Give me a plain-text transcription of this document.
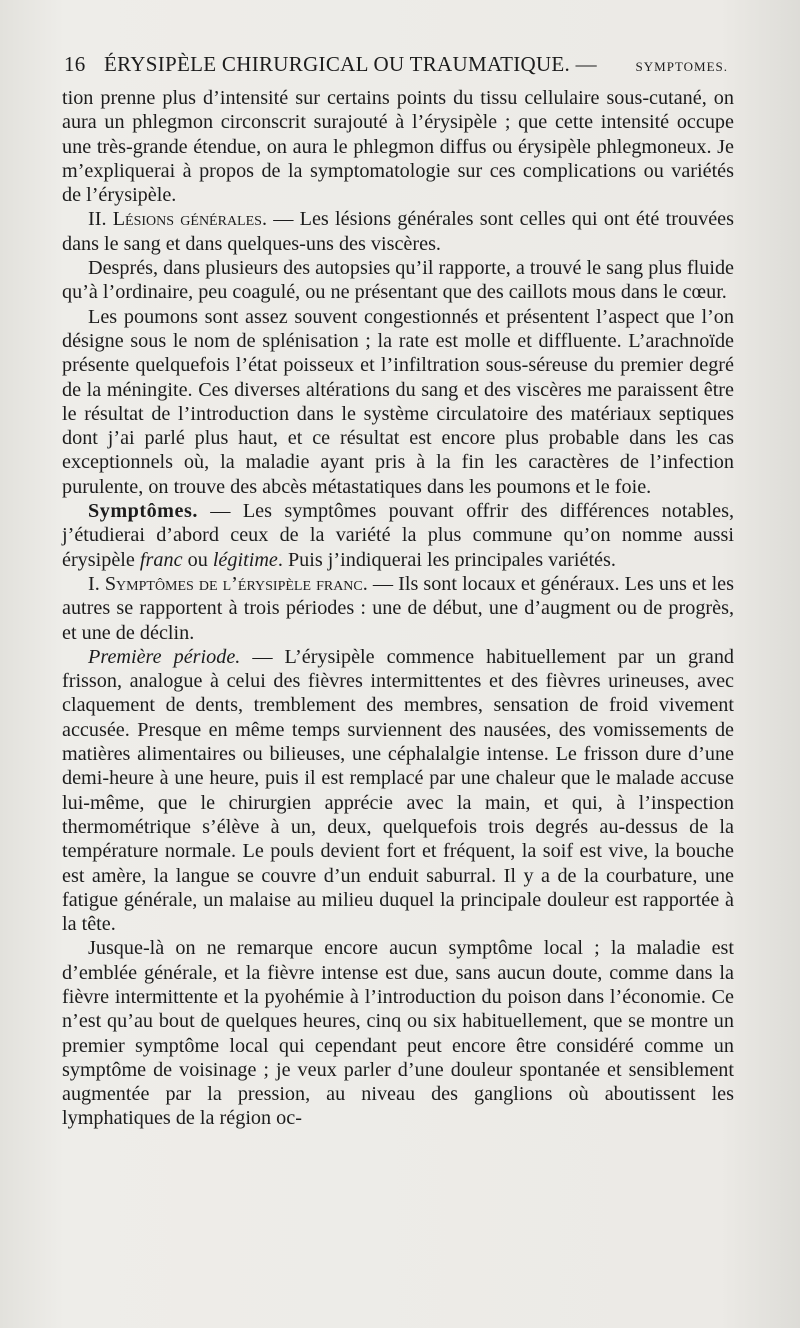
16 ÉRYSIPÈLE CHIRURGICAL OU TRAUMATIQUE. —	SYMPTOMES.

tion prenne plus d’intensité sur certains points du tissu cellulaire sous-cutané, on aura un phlegmon circonscrit surajouté à l’érysipèle ; que cette intensité occupe une très-grande étendue, on aura le phlegmon diffus ou érysipèle phlegmoneux. Je m’expliquerai à propos de la symptomatologie sur ces complications ou variétés de l’érysipèle.

II. Lésions générales. — Les lésions générales sont celles qui ont été trouvées dans le sang et dans quelques-uns des viscères.

Després, dans plusieurs des autopsies qu’il rapporte, a trouvé le sang plus fluide qu’à l’ordinaire, peu coagulé, ou ne présentant que des caillots mous dans le cœur.

Les poumons sont assez souvent congestionnés et présentent l’aspect que l’on désigne sous le nom de splénisation ; la rate est molle et diffluente. L’arachnoïde présente quelquefois l’état poisseux et l’infiltration sous-séreuse du premier degré de la méningite. Ces diverses altérations du sang et des viscères me paraissent être le résultat de l’introduction dans le système circulatoire des matériaux septiques dont j’ai parlé plus haut, et ce résultat est encore plus probable dans les cas exceptionnels où, la maladie ayant pris à la fin les caractères de l’infection purulente, on trouve des abcès métastatiques dans les poumons et le foie.

Symptômes. — Les symptômes pouvant offrir des différences notables, j’étudierai d’abord ceux de la variété la plus commune qu’on nomme aussi érysipèle franc ou légitime. Puis j’indiquerai les principales variétés.

I. Symptômes de l’érysipèle franc. — Ils sont locaux et généraux. Les uns et les autres se rapportent à trois périodes : une de début, une d’augment ou de progrès, et une de déclin.

Première période. — L’érysipèle commence habituellement par un grand frisson, analogue à celui des fièvres intermittentes et des fièvres urineuses, avec claquement de dents, tremblement des membres, sensation de froid vivement accusée. Presque en même temps surviennent des nausées, des vomissements de matières alimentaires ou bilieuses, une céphalalgie intense. Le frisson dure d’une demi-heure à une heure, puis il est remplacé par une chaleur que le malade accuse lui-même, que le chirurgien apprécie avec la main, et qui, à l’inspection thermométrique s’élève à un, deux, quelquefois trois degrés au-dessus de la température normale. Le pouls devient fort et fréquent, la soif est vive, la bouche est amère, la langue se couvre d’un enduit saburral. Il y a de la courbature, une fatigue générale, un malaise au milieu duquel la principale douleur est rapportée à la tête.

Jusque-là on ne remarque encore aucun symptôme local ; la maladie est d’emblée générale, et la fièvre intense est due, sans aucun doute, comme dans la fièvre intermittente et la pyohémie à l’introduction du poison dans l’économie. Ce n’est qu’au bout de quelques heures, cinq ou six habituellement, que se montre un premier symptôme local qui cependant peut encore être considéré comme un symptôme de voisinage ; je veux parler d’une douleur spontanée et sensiblement augmentée par la pression, au niveau des ganglions où aboutissent les lymphatiques de la région oc-
